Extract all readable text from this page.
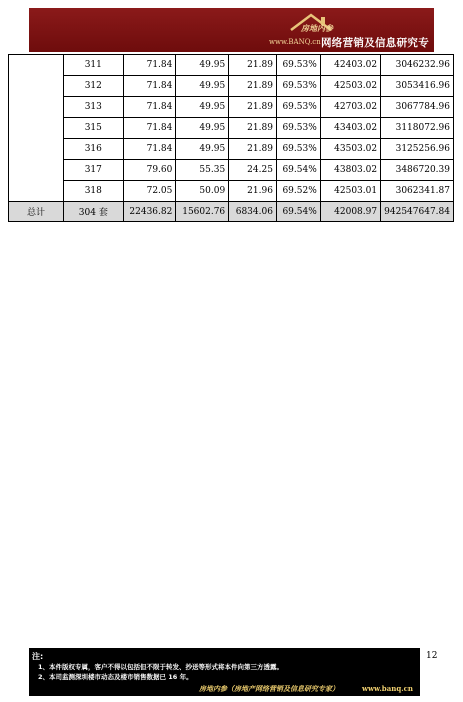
房地内参
www.BANQ.cn 网络营销及信息研究专家
	311	71.84	49.95	21.89	69.53%	42403.02	3046232.96
	312	71.84	49.95	21.89	69.53%	42503.02	3053416.96
	313	71.84	49.95	21.89	69.53%	42703.02	3067784.96
	315	71.84	49.95	21.89	69.53%	43403.02	3118072.96
	316	71.84	49.95	21.89	69.53%	43503.02	3125256.96
	317	79.60	55.35	24.25	69.54%	43803.02	3486720.39
	318	72.05	50.09	21.96	69.52%	42503.01	3062341.87
总计	304 套	22436.82	15602.76	6834.06	69.54%	42008.97	942547647.84
12
注:
1、本件版权专属，客户不得以包括但不限于转发、抄送等形式将本件向第三方透露。
2、本司监测深圳楼市动态及楼市销售数据已 16 年。
房地内参（房地产网络营销及信息研究专家）	www.banq.cn
